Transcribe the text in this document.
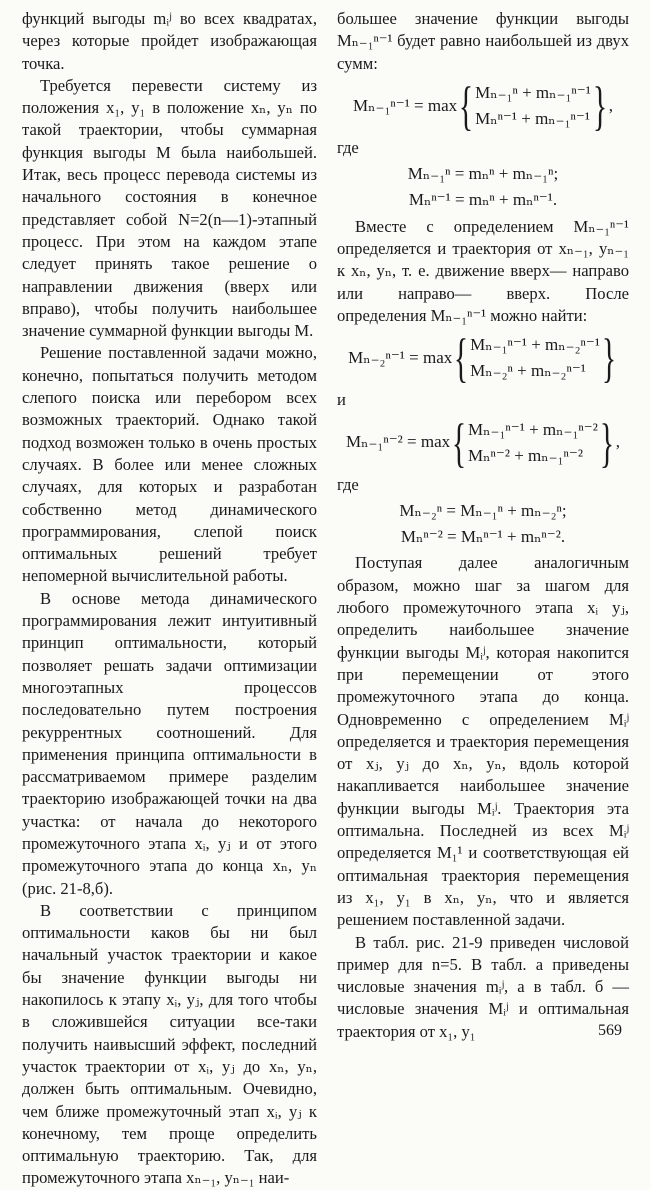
функций выгоды mᵢʲ во всех квадратах, через которые пройдет изображающая точка.

Требуется перевести систему из положения x₁, y₁ в положение xₙ, yₙ по такой траектории, чтобы суммарная функция выгоды M была наибольшей. Итак, весь процесс перевода системы из начального состояния в конечное представляет собой N=2(n—1)-этапный процесс. При этом на каждом этапе следует принять такое решение о направлении движения (вверх или вправо), чтобы получить наибольшее значение суммарной функции выгоды M.

Решение поставленной задачи можно, конечно, попытаться получить методом слепого поиска или перебором всех возможных траекторий. Однако такой подход возможен только в очень простых случаях. В более или менее сложных случаях, для которых и разработан собственно метод динамического программирования, слепой поиск оптимальных решений требует непомерной вычислительной работы.

В основе метода динамического программирования лежит интуитивный принцип оптимальности, который позволяет решать задачи оптимизации многоэтапных процессов последовательно путем построения рекуррентных соотношений. Для применения принципа оптимальности в рассматриваемом примере разделим траекторию изображающей точки на два участка: от начала до некоторого промежуточного этапа xᵢ, yⱼ и от этого промежуточного этапа до конца xₙ, yₙ (рис. 21-8,б).

В соответствии с принципом оптимальности каков бы ни был начальный участок траектории и какое бы значение функции выгоды ни накопилось к этапу xᵢ, yⱼ, для того чтобы в сложившейся ситуации все-таки получить наивысший эффект, последний участок траектории от xᵢ, yⱼ до xₙ, yₙ, должен быть оптимальным. Очевидно, чем ближе промежуточный этап xᵢ, yⱼ к конечному, тем проще определить оптимальную траекторию. Так, для промежуточного этапа xₙ₋₁, yₙ₋₁ наи-

большее значение функции выгоды Mₙ₋₁ⁿ⁻¹ будет равно наибольшей из двух сумм:

Mₙ₋₁ⁿ⁻¹ = max { Mₙ₋₁ⁿ + mₙ₋₁ⁿ⁻¹
Mₙⁿ⁻¹ + mₙ₋₁ⁿ⁻¹ } ,

где

Mₙ₋₁ⁿ = mₙⁿ + mₙ₋₁ⁿ;
Mₙⁿ⁻¹ = mₙⁿ + mₙⁿ⁻¹.

Вместе с определением Mₙ₋₁ⁿ⁻¹ определяется и траектория от xₙ₋₁, yₙ₋₁ к xₙ, yₙ, т. е. движение вверх— направо или направо— вверх. После определения Mₙ₋₁ⁿ⁻¹ можно найти:

Mₙ₋₂ⁿ⁻¹ = max { Mₙ₋₁ⁿ⁻¹ + mₙ₋₂ⁿ⁻¹
Mₙ₋₂ⁿ + mₙ₋₂ⁿ⁻¹ }

и

Mₙ₋₁ⁿ⁻² = max { Mₙ₋₁ⁿ⁻¹ + mₙ₋₁ⁿ⁻²
Mₙⁿ⁻² + mₙ₋₁ⁿ⁻² } ,

где

Mₙ₋₂ⁿ = Mₙ₋₁ⁿ + mₙ₋₂ⁿ;
Mₙⁿ⁻² = Mₙⁿ⁻¹ + mₙⁿ⁻².

Поступая далее аналогичным образом, можно шаг за шагом для любого промежуточного этапа xᵢ yⱼ, определить наибольшее значение функции выгоды Mᵢʲ, которая накопится при перемещении от этого промежуточного этапа до конца. Одновременно с определением Mᵢʲ определяется и траектория перемещения от xⱼ, yⱼ до xₙ, yₙ, вдоль которой накапливается наибольшее значение функции выгоды Mᵢʲ. Траектория эта оптимальна. Последней из всех Mᵢʲ определяется M₁¹ и соответствующая ей оптимальная траектория перемещения из x₁, y₁ в xₙ, yₙ, что и является решением поставленной задачи.

В табл. рис. 21-9 приведен числовой пример для n=5. В табл. а приведены числовые значения mᵢʲ, а в табл. б — числовые значения Mᵢʲ и оптимальная траектория от x₁, y₁	569
